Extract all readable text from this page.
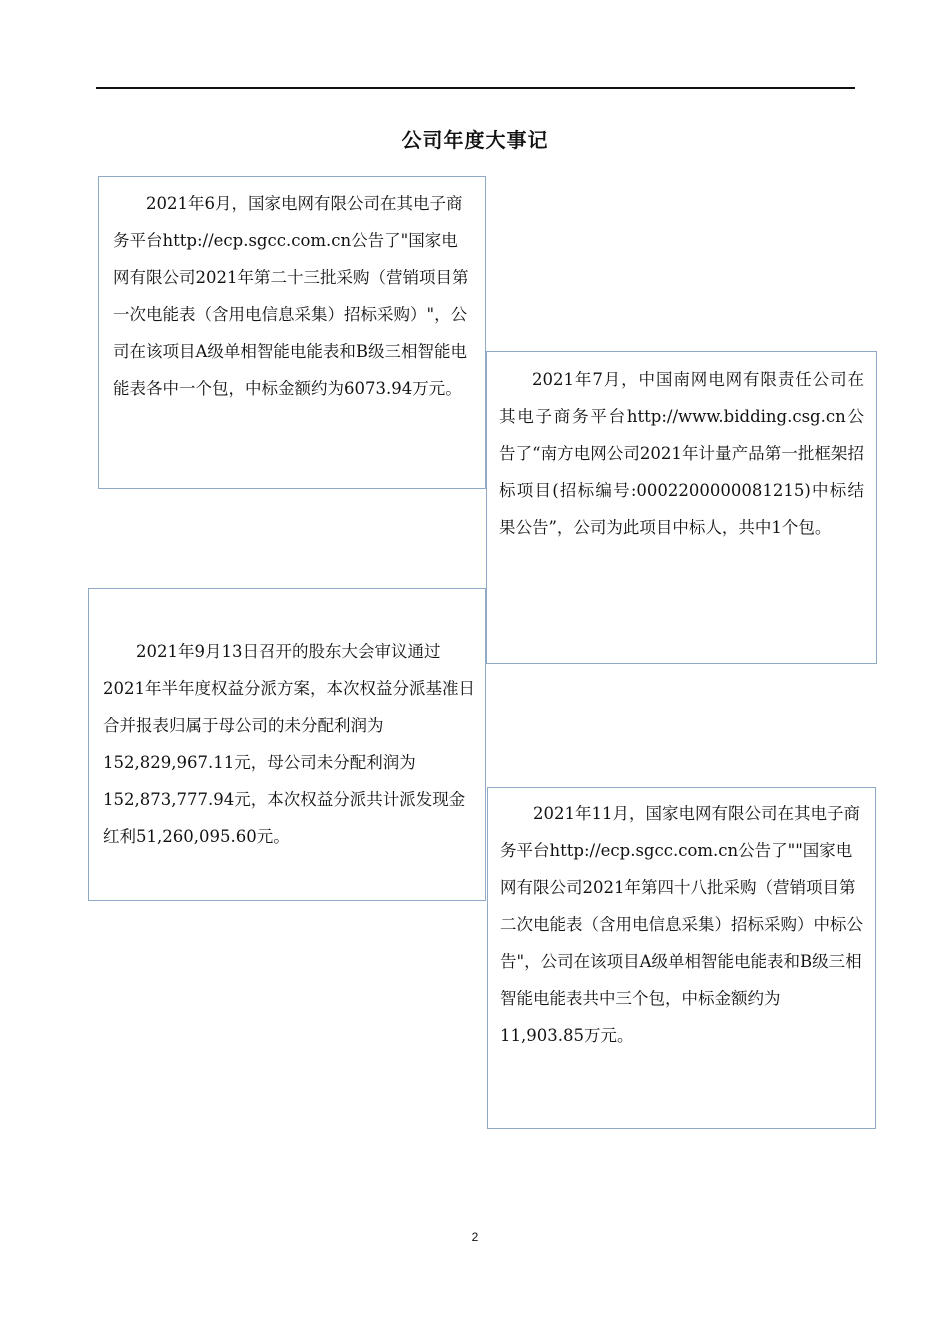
公司年度大事记

2021年6月，国家电网有限公司在其电子商务平台http://ecp.sgcc.com.cn公告了"国家电网有限公司2021年第二十三批采购（营销项目第一次电能表（含用电信息采集）招标采购）"，公司在该项目A级单相智能电能表和B级三相智能电能表各中一个包，中标金额约为6073.94万元。	2021年7月，中国南网电网有限责任公司在其电子商务平台http://www.bidding.csg.cn公告了“南方电网公司2021年计量产品第一批框架招标项目(招标编号:0002200000081215)中标结果公告”，公司为此项目中标人，共中1个包。

2021年9月13日召开的股东大会审议通过2021年半年度权益分派方案，本次权益分派基准日合并报表归属于母公司的未分配利润为152,829,967.11元，母公司未分配利润为152,873,777.94元，本次权益分派共计派发现金红利51,260,095.60元。

2021年11月，国家电网有限公司在其电子商务平台http://ecp.sgcc.com.cn公告了""国家电网有限公司2021年第四十八批采购（营销项目第二次电能表（含用电信息采集）招标采购）中标公告"，公司在该项目A级单相智能电能表和B级三相智能电能表共中三个包，中标金额约为11,903.85万元。

2
